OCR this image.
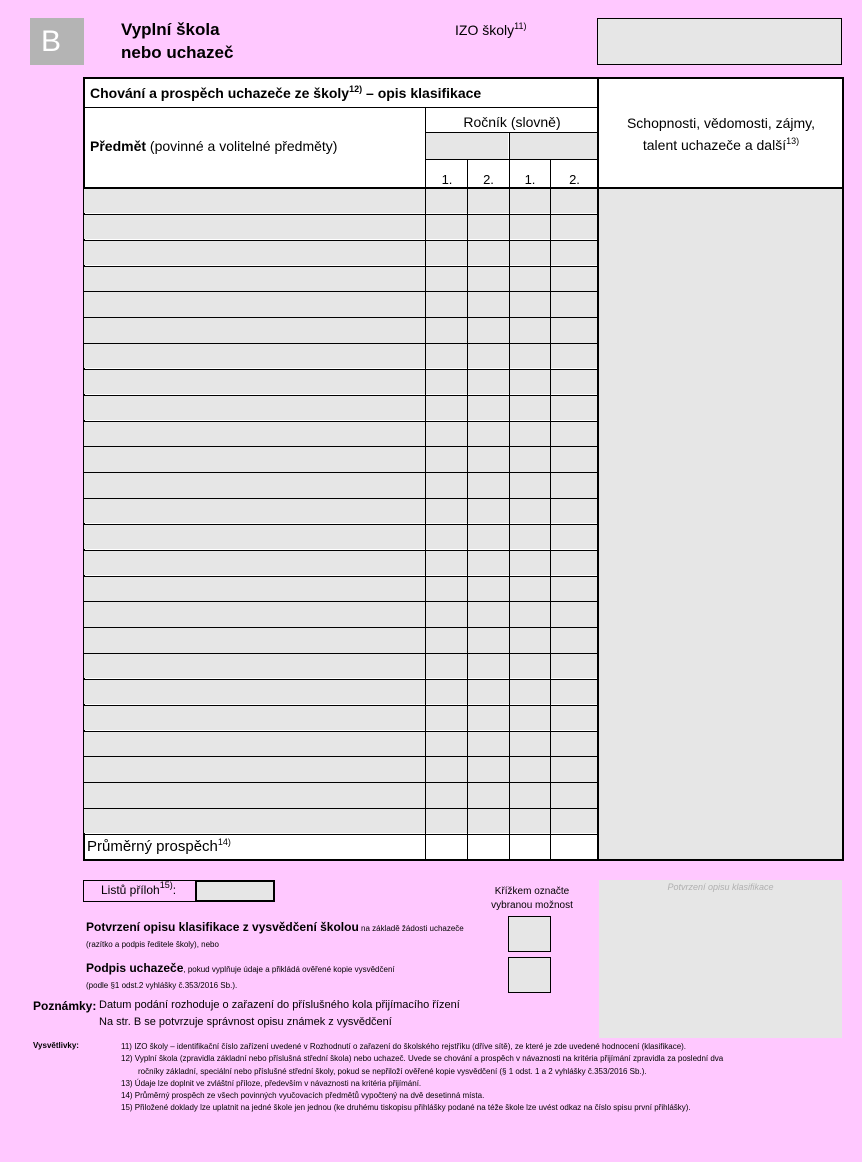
B	Vyplní škola
nebo uchazeč
IZO školy$^{11)}$
Chování a prospěch uchazeče ze školy$^{12)}$ – opis klasifikace
Předmět (povinné a volitelné předměty)
Ročník (slovně)	Schopnosti, vědomosti, zájmy,
talent uchazeče a další$^{13)}$
1.	2.	1.	2.
Průměrný prospěch$^{14)}$
Listů příloh$^{15)}$:	Křížkem označte
vybranou možnost
Potvrzení opisu klasifikace z vysvědčení školou na základě žádosti uchazeče
(razítko a podpis ředitele školy), nebo
Podpis uchazeče, pokud vyplňuje údaje a přikládá ověřené kopie vysvědčení
(podle §1 odst.2 vyhlášky č.353/2016 Sb.).
Potvrzení opisu klasifikace
Poznámky: Datum podání rozhoduje o zařazení do příslušného kola přijímacího řízení
Na str. B se potvrzuje správnost opisu známek z vysvědčení
Vysvětlivky:	11) IZO školy – identifikační číslo zařízení uvedené v Rozhodnutí o zařazení do školského rejstříku (dříve sítě), ze které je zde uvedené hodnocení (klasifikace).
12) Vyplní škola (zpravidla základní nebo příslušná střední škola) nebo uchazeč. Uvede se chování a prospěch v návaznosti na kritéria přijímání zpravidla za poslední dva
ročníky základní, speciální nebo příslušné střední školy, pokud se nepřiloží ověřené kopie vysvědčení (§ 1 odst. 1 a 2 vyhlášky č.353/2016 Sb.).
13) Údaje lze doplnit ve zvláštní příloze, především v návaznosti na kritéria přijímání.
14) Průměrný prospěch ze všech povinných vyučovacích předmětů vypočtený na dvě desetinná místa.
15) Přiložené doklady lze uplatnit na jedné škole jen jednou (ke druhému tiskopisu přihlášky podané na téže škole lze uvést odkaz na číslo spisu první přihlášky).
